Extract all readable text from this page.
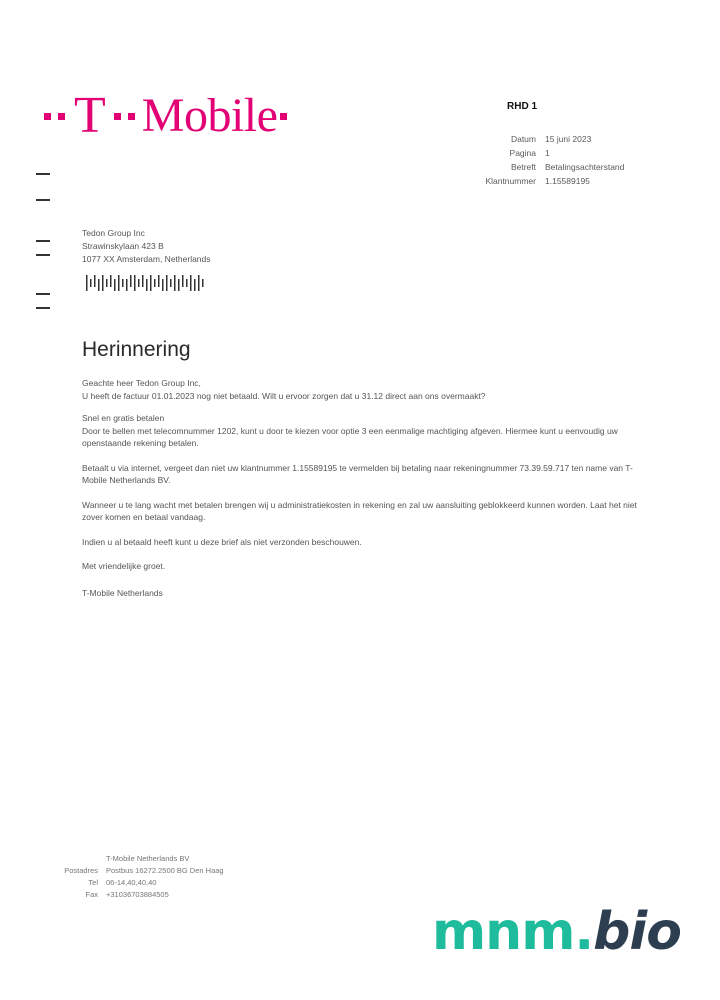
T Mobile	RHD 1
Datum	15 juni 2023
Pagina	1
Betreft	Betalingsachterstand
Klantnummer	1.15589195
Tedon Group Inc
Strawinskylaan 423 B
1077 XX Amsterdam, Netherlands
Herinnering

Geachte heer Tedon Group Inc,

U heeft de factuur 01.01.2023 nog niet betaald. Wilt u ervoor zorgen dat u 31.12 direct aan ons overmaakt?

Snel en gratis betalen

Door te bellen met telecomnummer 1202, kunt u door te kiezen voor optie 3 een eenmalige machtiging afgeven. Hiermee kunt u eenvoudig uw openstaande rekening betalen.

Betaalt u via internet, vergeet dan niet uw klantnummer 1.15589195 te vermelden bij betaling naar rekeningnummer 73.39.59.717 ten name van T-Mobile Netherlands BV.

Wanneer u te lang wacht met betalen brengen wij u administratiekosten in rekening en zal uw aansluiting geblokkeerd kunnen worden. Laat het niet zover komen en betaal vandaag.

Indien u al betaald heeft kunt u deze brief als niet verzonden beschouwen.

Met vriendelijke groet.

T-Mobile Netherlands

	T-Mobile Netherlands BV
Postadres	Postbus 16272.2500 BG Den Haag
Tel	06-14,40,40,40
Fax	+31036703884505
mnm.bio
